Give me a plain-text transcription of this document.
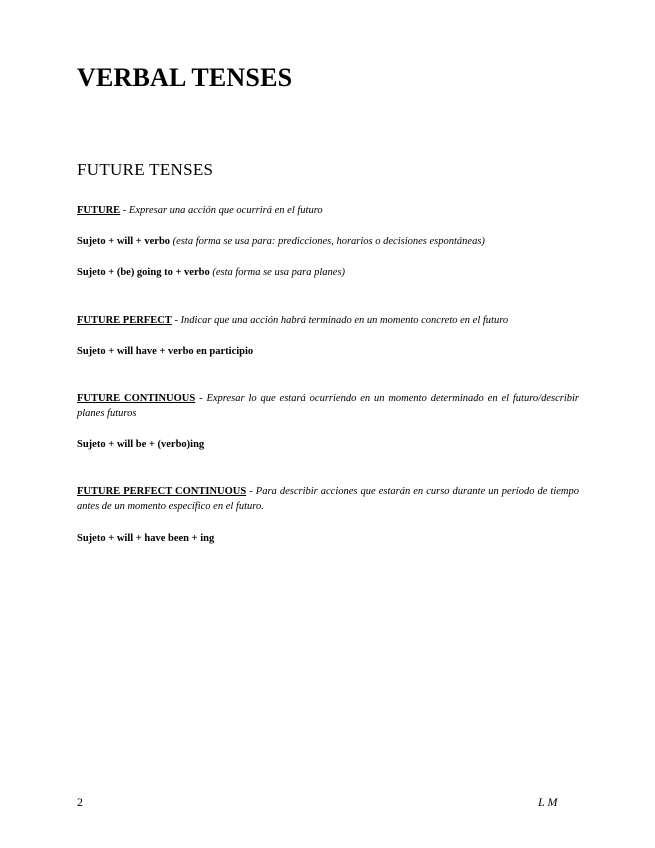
VERBAL TENSES
FUTURE TENSES

FUTURE - Expresar una acción que ocurrirá en el futuro

Sujeto + will + verbo (esta forma se usa para: predicciones, horarios o decisiones espontáneas)

Sujeto + (be) going to + verbo (esta forma se usa para planes)

FUTURE PERFECT - Indicar que una acción habrá terminado en un momento concreto en el futuro

Sujeto + will have + verbo en participio

FUTURE CONTINUOUS - Expresar lo que estará ocurriendo en un momento determinado en el futuro/describir planes futuros

Sujeto + will be + (verbo)ing

FUTURE PERFECT CONTINUOUS - Para describir acciones que estarán en curso durante un período de tiempo antes de un momento específico en el futuro.

Sujeto + will + have been + ing

2	L M
